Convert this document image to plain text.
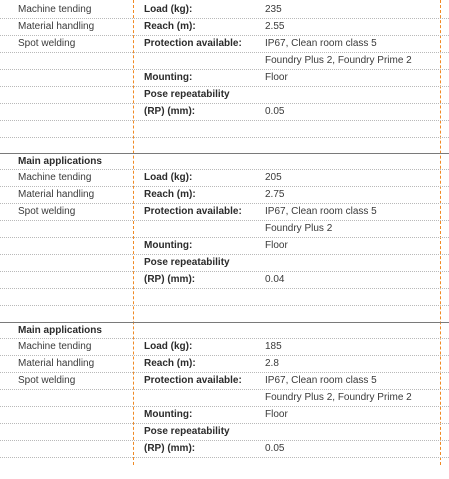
Machine tending	Load (kg):	235
Material handling	Reach (m):	2.55
Spot welding	Protection available: IP67, Clean room class 5
Foundry Plus 2, Foundry Prime 2
Mounting:	Floor
Pose repeatability
(RP) (mm):	0.05
Main applications
Machine tending	Load (kg):	205
Material handling	Reach (m):	2.75
Spot welding	Protection available: IP67, Clean room class 5
Foundry Plus 2
Mounting:	Floor
Pose repeatability
(RP) (mm):	0.04
Main applications
Machine tending	Load (kg):	185
Material handling	Reach (m):	2.8
Spot welding	Protection available: IP67, Clean room class 5
Foundry Plus 2, Foundry Prime 2
Mounting:	Floor
Pose repeatability
(RP) (mm):	0.05
